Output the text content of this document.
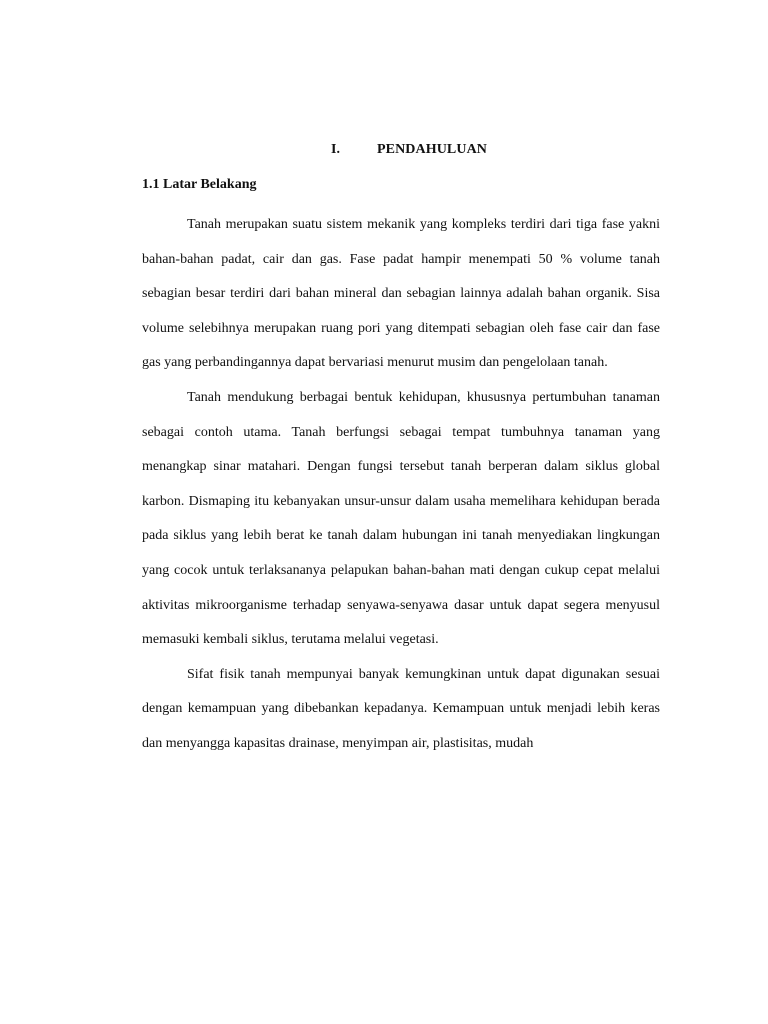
I.	PENDAHULUAN
1.1 Latar Belakang

Tanah merupakan suatu sistem mekanik yang kompleks terdiri dari tiga fase yakni bahan-bahan padat, cair dan gas. Fase padat hampir menempati 50 % volume tanah sebagian besar terdiri dari bahan mineral dan sebagian lainnya adalah bahan organik. Sisa volume selebihnya merupakan ruang pori yang ditempati sebagian oleh fase cair dan fase gas yang perbandingannya dapat bervariasi menurut musim dan pengelolaan tanah.

Tanah mendukung berbagai bentuk kehidupan, khususnya pertumbuhan tanaman sebagai contoh utama. Tanah berfungsi sebagai tempat tumbuhnya tanaman yang menangkap sinar matahari. Dengan fungsi tersebut tanah berperan dalam siklus global karbon. Dismaping itu kebanyakan unsur-unsur dalam usaha memelihara kehidupan berada pada siklus yang lebih berat ke tanah dalam hubungan ini tanah menyediakan lingkungan yang cocok untuk terlaksananya pelapukan bahan-bahan mati dengan cukup cepat melalui aktivitas mikroorganisme terhadap senyawa-senyawa dasar untuk dapat segera menyusul memasuki kembali siklus, terutama melalui vegetasi.

Sifat fisik tanah mempunyai banyak kemungkinan untuk dapat digunakan sesuai dengan kemampuan yang dibebankan kepadanya. Kemampuan untuk menjadi lebih keras dan menyangga kapasitas drainase, menyimpan air, plastisitas, mudah
